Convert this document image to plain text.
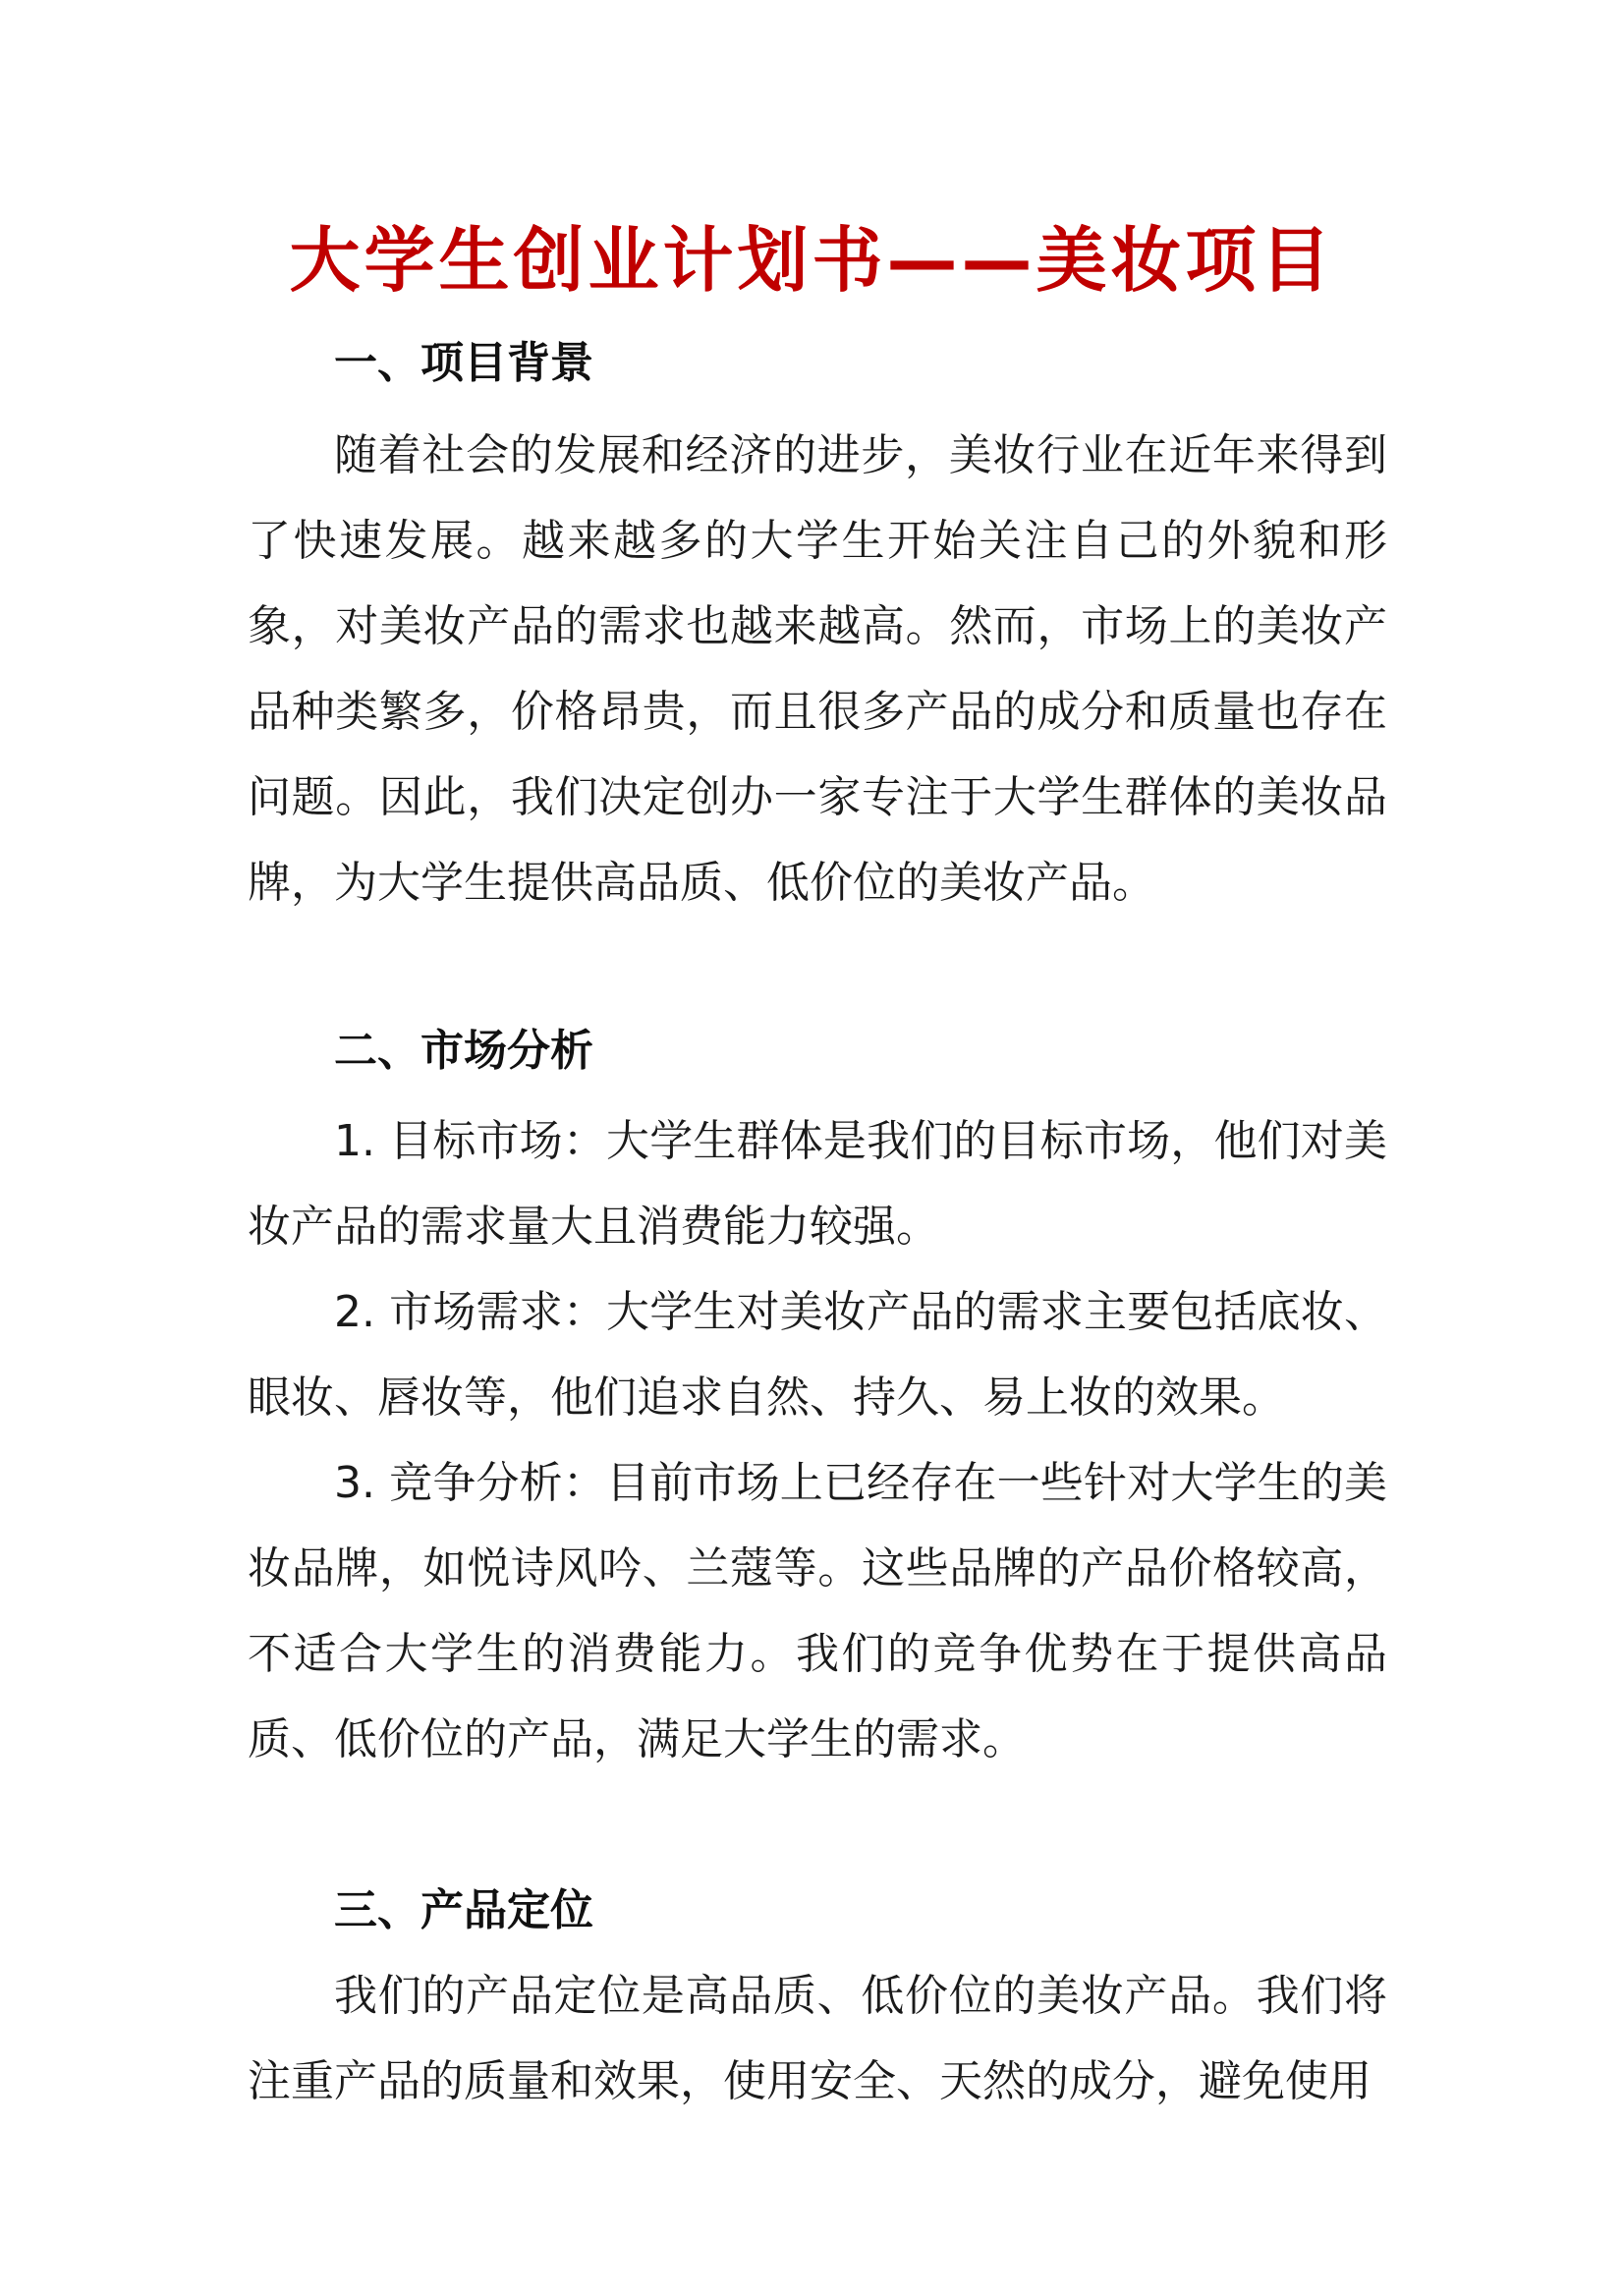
大学生创业计划书——美妆项目
一、项目背景
随着社会的发展和经济的进步，美妆行业在近年来得到了快速发展。越来越多的大学生开始关注自己的外貌和形象，对美妆产品的需求也越来越高。然而，市场上的美妆产品种类繁多，价格昂贵，而且很多产品的成分和质量也存在问题。因此，我们决定创办一家专注于大学生群体的美妆品牌，为大学生提供高品质、低价位的美妆产品。
二、市场分析
1. 目标市场：大学生群体是我们的目标市场，他们对美妆产品的需求量大且消费能力较强。
2. 市场需求：大学生对美妆产品的需求主要包括底妆、眼妆、唇妆等，他们追求自然、持久、易上妆的效果。
3. 竞争分析：目前市场上已经存在一些针对大学生的美妆品牌，如悦诗风吟、兰蔻等。这些品牌的产品价格较高，不适合大学生的消费能力。我们的竞争优势在于提供高品质、低价位的产品，满足大学生的需求。
三、产品定位
我们的产品定位是高品质、低价位的美妆产品。我们将注重产品的质量和效果，使用安全、天然的成分，避免使用
